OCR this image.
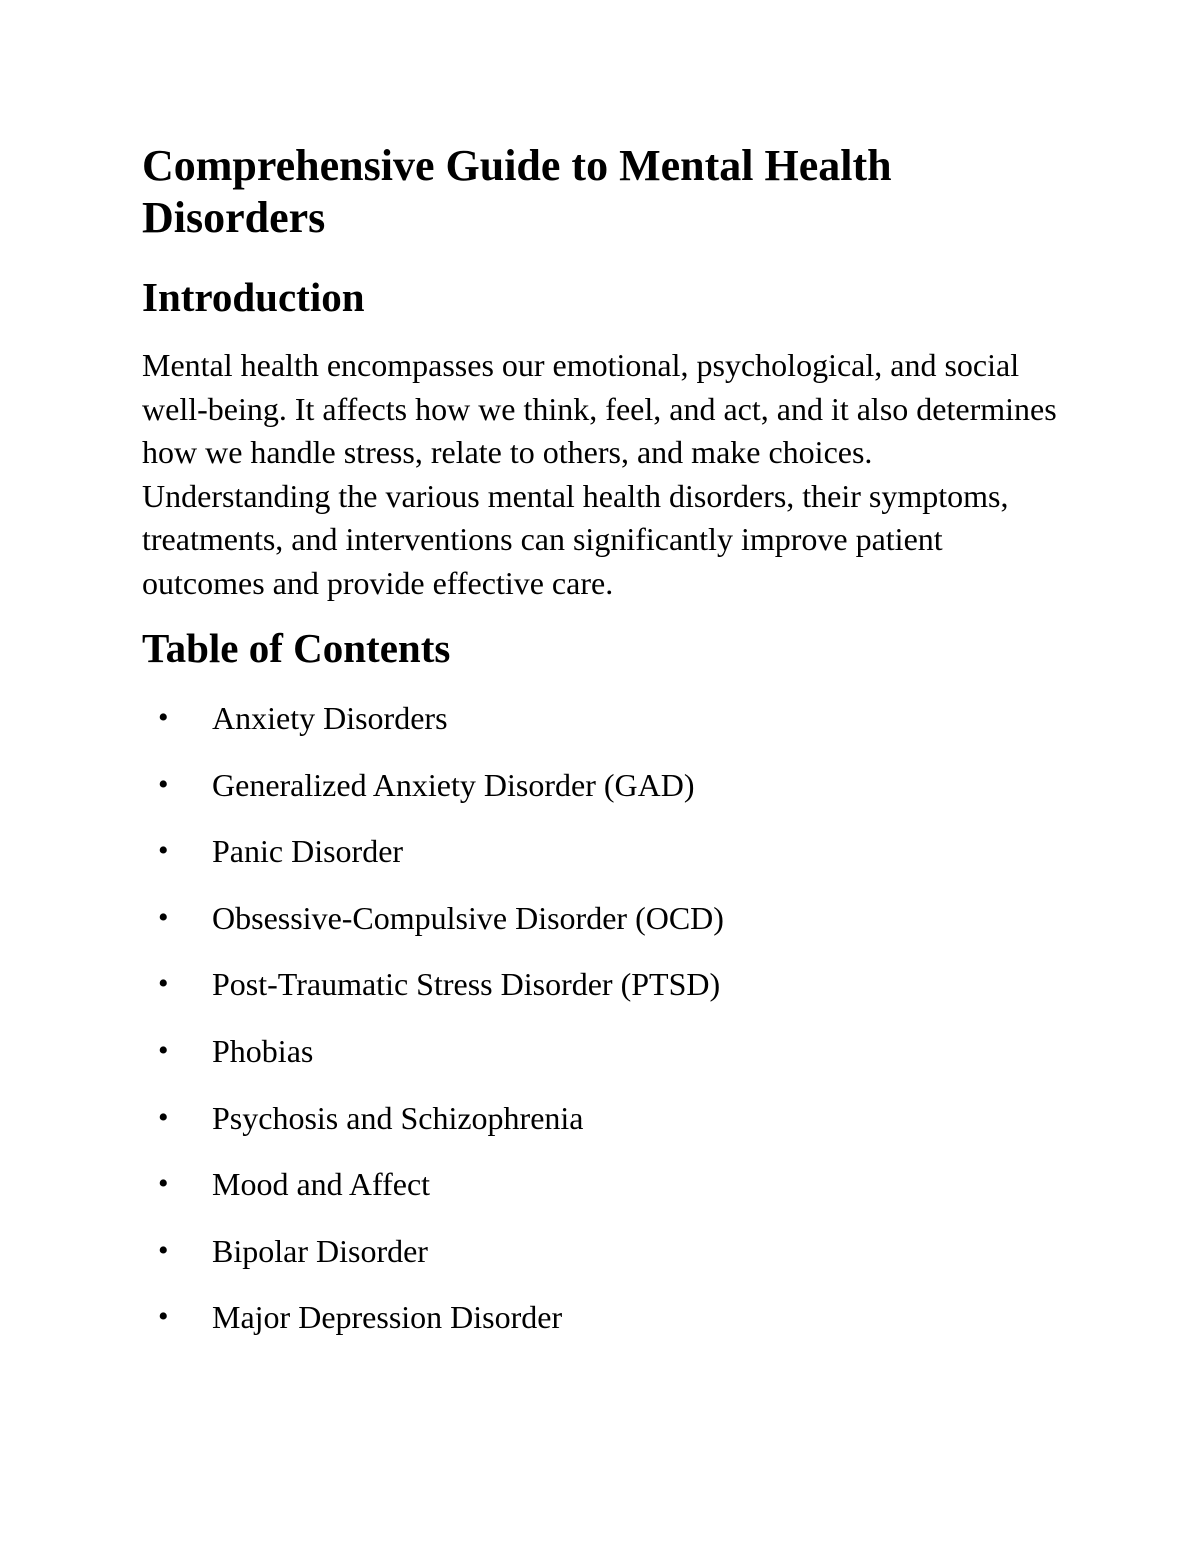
Comprehensive Guide to Mental Health Disorders
Introduction

Mental health encompasses our emotional, psychological, and social well-being. It affects how we think, feel, and act, and it also determines how we handle stress, relate to others, and make choices. Understanding the various mental health disorders, their symptoms, treatments, and interventions can significantly improve patient outcomes and provide effective care.

Table of Contents
• Anxiety Disorders
• Generalized Anxiety Disorder (GAD)
• Panic Disorder
• Obsessive-Compulsive Disorder (OCD)
• Post-Traumatic Stress Disorder (PTSD)
• Phobias
• Psychosis and Schizophrenia
• Mood and Affect
• Bipolar Disorder
• Major Depression Disorder
